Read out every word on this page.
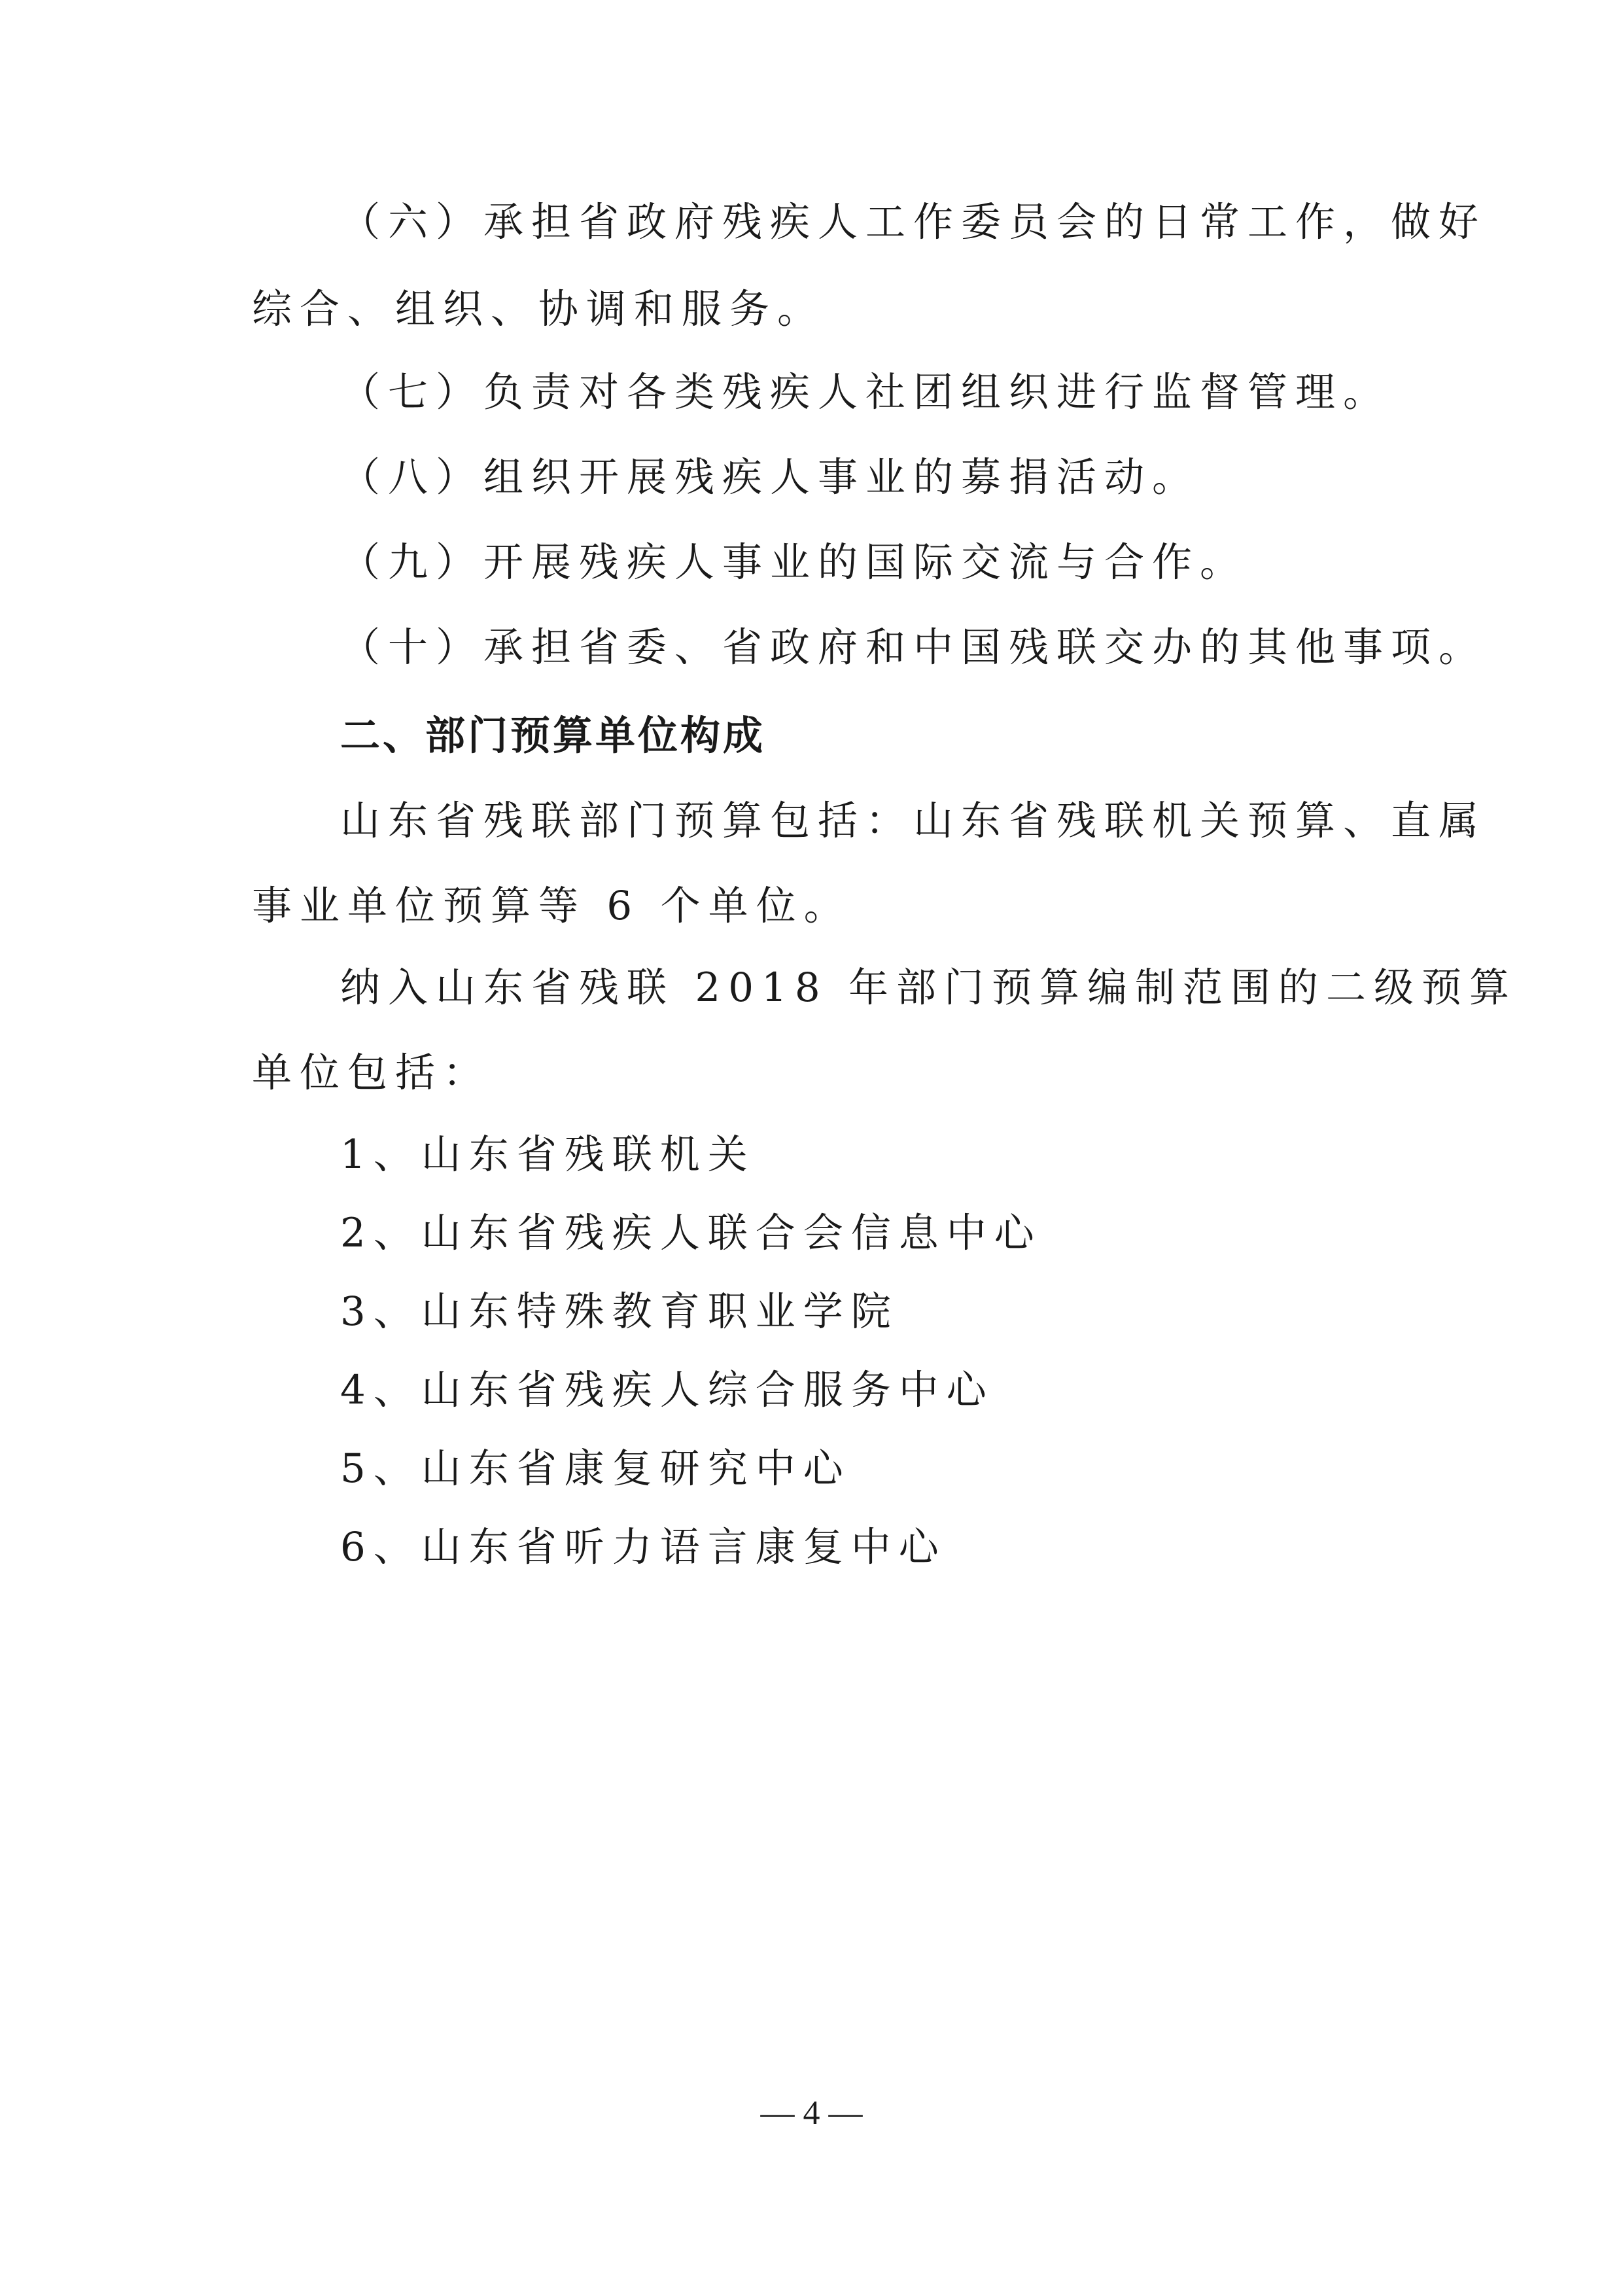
（六）承担省政府残疾人工作委员会的日常工作，做好
综合、组织、协调和服务。
（七）负责对各类残疾人社团组织进行监督管理。
（八）组织开展残疾人事业的募捐活动。
（九）开展残疾人事业的国际交流与合作。
（十）承担省委、省政府和中国残联交办的其他事项。
二、部门预算单位构成
山东省残联部门预算包括：山东省残联机关预算、直属
事业单位预算等 6 个单位。
纳入山东省残联 2018 年部门预算编制范围的二级预算
单位包括：
1、山东省残联机关
2、山东省残疾人联合会信息中心
3、山东特殊教育职业学院
4、山东省残疾人综合服务中心
5、山东省康复研究中心
6、山东省听力语言康复中心
— 4 —
